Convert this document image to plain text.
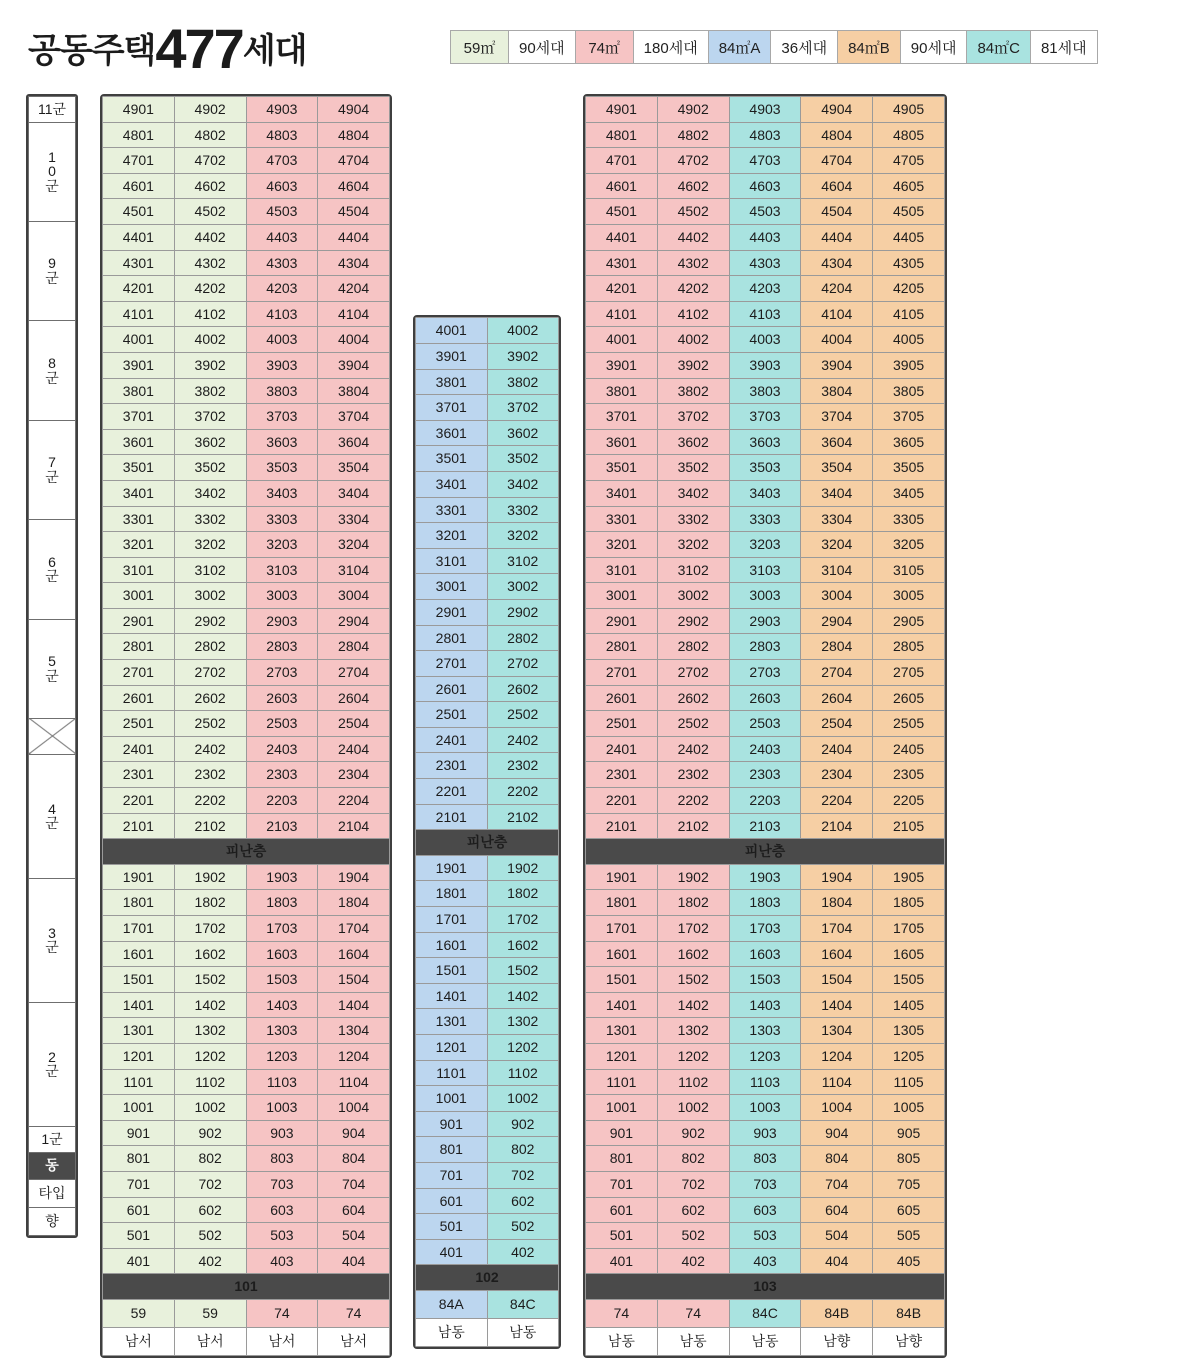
공동주택477세대	59㎡	90세대	74㎡	180세대	84㎡A	36세대	84㎡B	90세대	84㎡C	81세대
11군

1
0
군

9
군

8
군

7
군

6
군

5
군

4
군

3
군

2
군

1군
동
타입
향
4901	4902	4903	4904
4801	4802	4803	4804
4701	4702	4703	4704
4601	4602	4603	4604
4501	4502	4503	4504
4401	4402	4403	4404
4301	4302	4303	4304
4201	4202	4203	4204
4101	4102	4103	4104
4001	4002	4003	4004
3901	3902	3903	3904
3801	3802	3803	3804
3701	3702	3703	3704
3601	3602	3603	3604
3501	3502	3503	3504
3401	3402	3403	3404
3301	3302	3303	3304
3201	3202	3203	3204
3101	3102	3103	3104
3001	3002	3003	3004
2901	2902	2903	2904
2801	2802	2803	2804
2701	2702	2703	2704
2601	2602	2603	2604
2501	2502	2503	2504
2401	2402	2403	2404
2301	2302	2303	2304
2201	2202	2203	2204
2101	2102	2103	2104
피난층			
1901	1902	1903	1904
1801	1802	1803	1804
1701	1702	1703	1704
1601	1602	1603	1604
1501	1502	1503	1504
1401	1402	1403	1404
1301	1302	1303	1304
1201	1202	1203	1204
1101	1102	1103	1104
1001	1002	1003	1004
901	902	903	904
801	802	803	804
701	702	703	704
601	602	603	604
501	502	503	504
401	402	403	404
101			
59	59	74	74
남서	남서	남서	남서
4001	4002
3901	3902
3801	3802
3701	3702
3601	3602
3501	3502
3401	3402
3301	3302
3201	3202
3101	3102
3001	3002
2901	2902
2801	2802
2701	2702
2601	2602
2501	2502
2401	2402
2301	2302
2201	2202
2101	2102
피난층	
1901	1902
1801	1802
1701	1702
1601	1602
1501	1502
1401	1402
1301	1302
1201	1202
1101	1102
1001	1002
901	902
801	802
701	702
601	602
501	502
401	402
102	
84A	84C
남동	남동
4901	4902	4903	4904	4905
4801	4802	4803	4804	4805
4701	4702	4703	4704	4705
4601	4602	4603	4604	4605
4501	4502	4503	4504	4505
4401	4402	4403	4404	4405
4301	4302	4303	4304	4305
4201	4202	4203	4204	4205
4101	4102	4103	4104	4105
4001	4002	4003	4004	4005
3901	3902	3903	3904	3905
3801	3802	3803	3804	3805
3701	3702	3703	3704	3705
3601	3602	3603	3604	3605
3501	3502	3503	3504	3505
3401	3402	3403	3404	3405
3301	3302	3303	3304	3305
3201	3202	3203	3204	3205
3101	3102	3103	3104	3105
3001	3002	3003	3004	3005
2901	2902	2903	2904	2905
2801	2802	2803	2804	2805
2701	2702	2703	2704	2705
2601	2602	2603	2604	2605
2501	2502	2503	2504	2505
2401	2402	2403	2404	2405
2301	2302	2303	2304	2305
2201	2202	2203	2204	2205
2101	2102	2103	2104	2105
피난층				
1901	1902	1903	1904	1905
1801	1802	1803	1804	1805
1701	1702	1703	1704	1705
1601	1602	1603	1604	1605
1501	1502	1503	1504	1505
1401	1402	1403	1404	1405
1301	1302	1303	1304	1305
1201	1202	1203	1204	1205
1101	1102	1103	1104	1105
1001	1002	1003	1004	1005
901	902	903	904	905
801	802	803	804	805
701	702	703	704	705
601	602	603	604	605
501	502	503	504	505
401	402	403	404	405
103				
74	74	84C	84B	84B
남동	남동	남동	남향	남향
